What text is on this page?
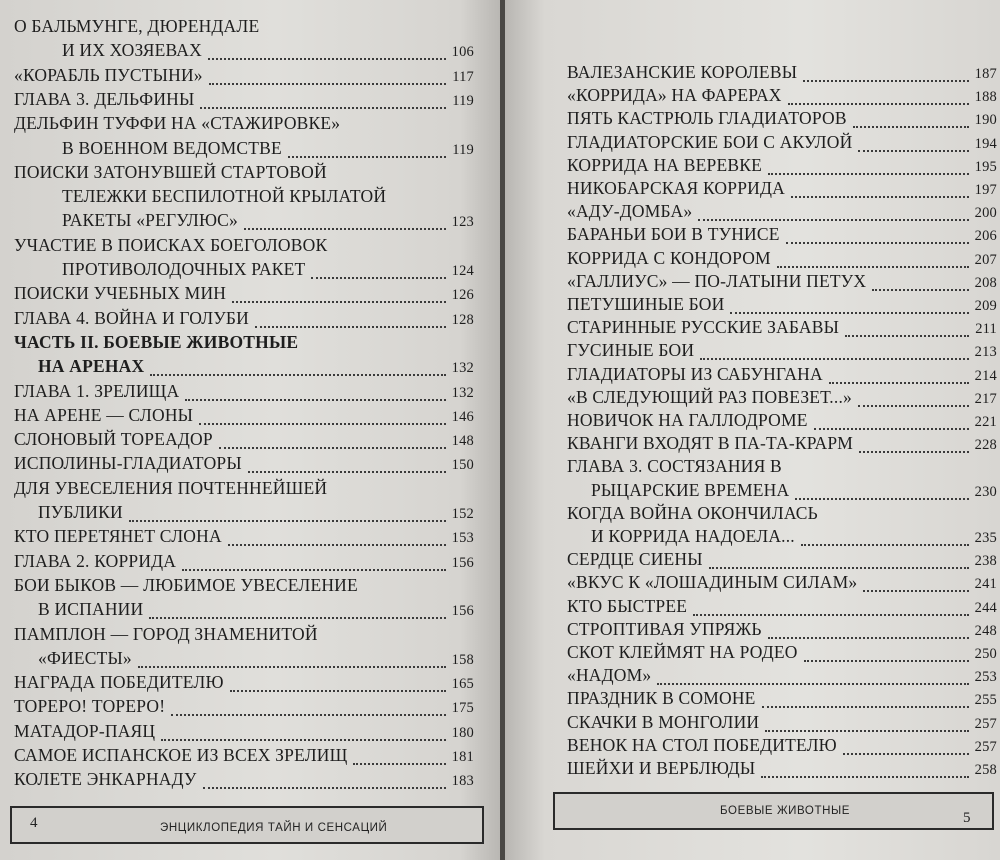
О БАЛЬМУНГЕ, ДЮРЕНДАЛЕ
И ИХ ХОЗЯЕВАХ	106
«КОРАБЛЬ ПУСТЫНИ»	117
ГЛАВА 3. ДЕЛЬФИНЫ	119
ДЕЛЬФИН ТУФФИ НА «СТАЖИРОВКЕ»
В ВОЕННОМ ВЕДОМСТВЕ	119
ПОИСКИ ЗАТОНУВШЕЙ СТАРТОВОЙ
ТЕЛЕЖКИ БЕСПИЛОТНОЙ КРЫЛАТОЙ
РАКЕТЫ «РЕГУЛЮС»	123
УЧАСТИЕ В ПОИСКАХ БОЕГОЛОВОК
ПРОТИВОЛОДОЧНЫХ РАКЕТ	124
ПОИСКИ УЧЕБНЫХ МИН	126
ГЛАВА 4. ВОЙНА И ГОЛУБИ	128
ЧАСТЬ II. БОЕВЫЕ ЖИВОТНЫЕ
НА АРЕНАХ	132
ГЛАВА 1. ЗРЕЛИЩА	132
НА АРЕНЕ — СЛОНЫ	146
СЛОНОВЫЙ ТОРЕАДОР	148
ИСПОЛИНЫ-ГЛАДИАТОРЫ	150
ДЛЯ УВЕСЕЛЕНИЯ ПОЧТЕННЕЙШЕЙ
ПУБЛИКИ	152
КТО ПЕРЕТЯНЕТ СЛОНА	153
ГЛАВА 2. КОРРИДА	156
БОИ БЫКОВ — ЛЮБИМОЕ УВЕСЕЛЕНИЕ
В ИСПАНИИ	156
ПАМПЛОН — ГОРОД ЗНАМЕНИТОЙ
«ФИЕСТЫ»	158
НАГРАДА ПОБЕДИТЕЛЮ	165
ТОРЕРО! ТОРЕРО!	175
МАТАДОР-ПАЯЦ	180
САМОЕ ИСПАНСКОЕ ИЗ ВСЕХ ЗРЕЛИЩ	181
КОЛЕТЕ ЭНКАРНАДУ	183
4	ЭНЦИКЛОПЕДИЯ ТАЙН И СЕНСАЦИЙ
ВАЛЕЗАНСКИЕ КОРОЛЕВЫ	187
«КОРРИДА» НА ФАРЕРАХ	188
ПЯТЬ КАСТРЮЛЬ ГЛАДИАТОРОВ	190
ГЛАДИАТОРСКИЕ БОИ С АКУЛОЙ	194
КОРРИДА НА ВЕРЕВКЕ	195
НИКОБАРСКАЯ КОРРИДА	197
«АДУ-ДОМБА»	200
БАРАНЬИ БОИ В ТУНИСЕ	206
КОРРИДА С КОНДОРОМ	207
«ГАЛЛИУС» — ПО-ЛАТЫНИ ПЕТУХ	208
ПЕТУШИНЫЕ БОИ	209
СТАРИННЫЕ РУССКИЕ ЗАБАВЫ	211
ГУСИНЫЕ БОИ	213
ГЛАДИАТОРЫ ИЗ САБУНГАНА	214
«В СЛЕДУЮЩИЙ РАЗ ПОВЕЗЕТ...»	217
НОВИЧОК НА ГАЛЛОДРОМЕ	221
КВАНГИ ВХОДЯТ В ПА-ТА-КРАРМ	228
ГЛАВА 3. СОСТЯЗАНИЯ В
РЫЦАРСКИЕ ВРЕМЕНА	230
КОГДА ВОЙНА ОКОНЧИЛАСЬ
И КОРРИДА НАДОЕЛА...	235
СЕРДЦЕ СИЕНЫ	238
«ВКУС К «ЛОШАДИНЫМ СИЛАМ»	241
КТО БЫСТРЕЕ	244
СТРОПТИВАЯ УПРЯЖЬ	248
СКОТ КЛЕЙМЯТ НА РОДЕО	250
«НАДОМ»	253
ПРАЗДНИК В СОМОНЕ	255
СКАЧКИ В МОНГОЛИИ	257
ВЕНОК НА СТОЛ ПОБЕДИТЕЛЮ	257
ШЕЙХИ И ВЕРБЛЮДЫ	258
БОЕВЫЕ ЖИВОТНЫЕ	5
